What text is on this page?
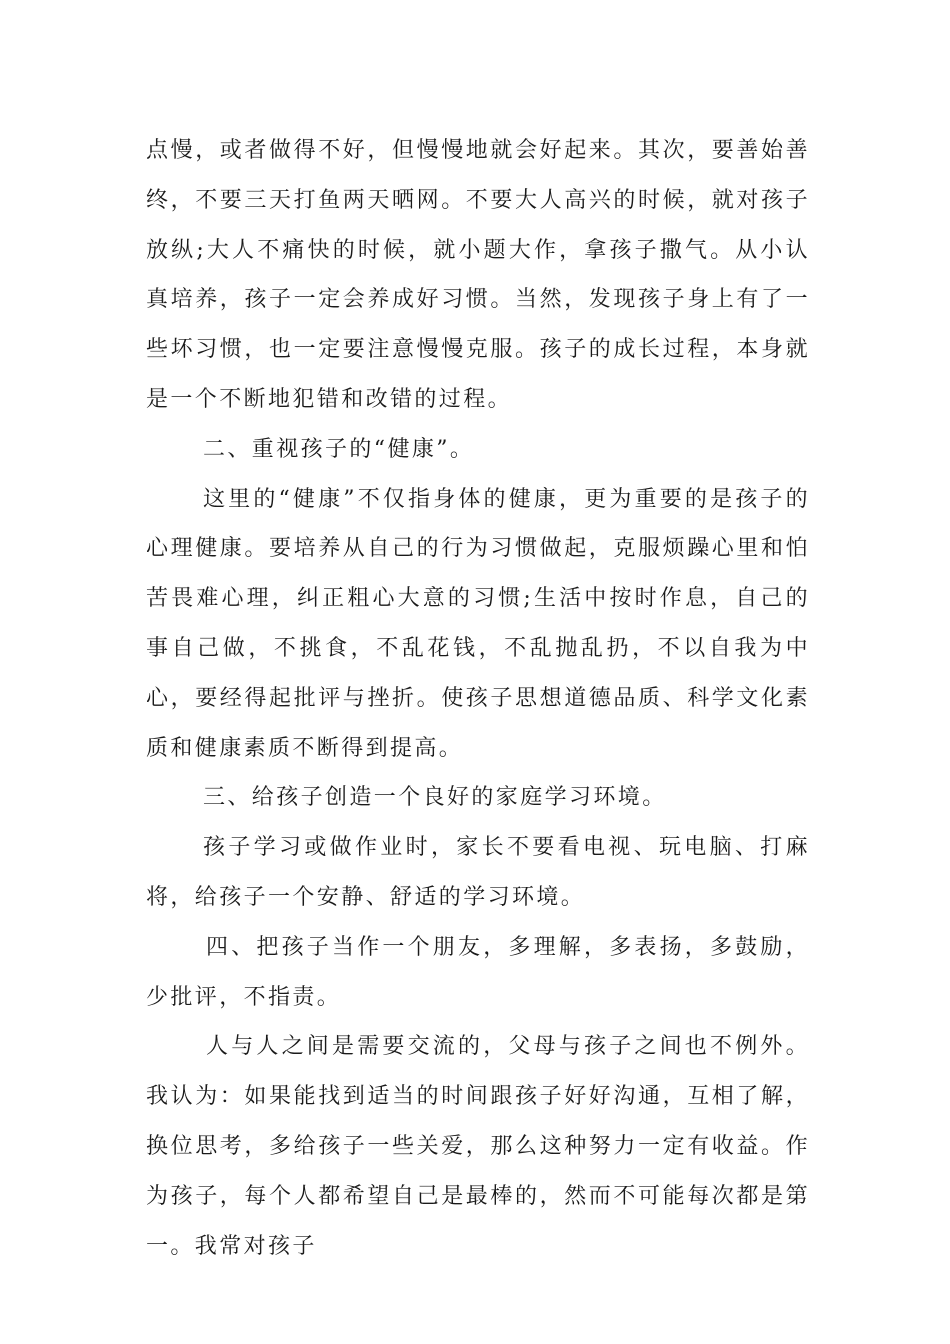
点慢，或者做得不好，但慢慢地就会好起来。其次，要善始善终，不要三天打鱼两天晒网。不要大人高兴的时候，就对孩子放纵;大人不痛快的时候，就小题大作，拿孩子撒气。从小认真培养，孩子一定会养成好习惯。当然，发现孩子身上有了一些坏习惯，也一定要注意慢慢克服。孩子的成长过程，本身就是一个不断地犯错和改错的过程。

二、重视孩子的“健康”。

这里的“健康”不仅指身体的健康，更为重要的是孩子的心理健康。要培养从自己的行为习惯做起，克服烦躁心里和怕苦畏难心理，纠正粗心大意的习惯;生活中按时作息，自己的事自己做，不挑食，不乱花钱，不乱抛乱扔，不以自我为中心，要经得起批评与挫折。使孩子思想道德品质、科学文化素质和健康素质不断得到提高。

三、给孩子创造一个良好的家庭学习环境。

孩子学习或做作业时，家长不要看电视、玩电脑、打麻将，给孩子一个安静、舒适的学习环境。

四、把孩子当作一个朋友，多理解，多表扬，多鼓励，少批评，不指责。

人与人之间是需要交流的，父母与孩子之间也不例外。我认为：如果能找到适当的时间跟孩子好好沟通，互相了解，换位思考，多给孩子一些关爱，那么这种努力一定有收益。作为孩子，每个人都希望自己是最棒的，然而不可能每次都是第一。我常对孩子
